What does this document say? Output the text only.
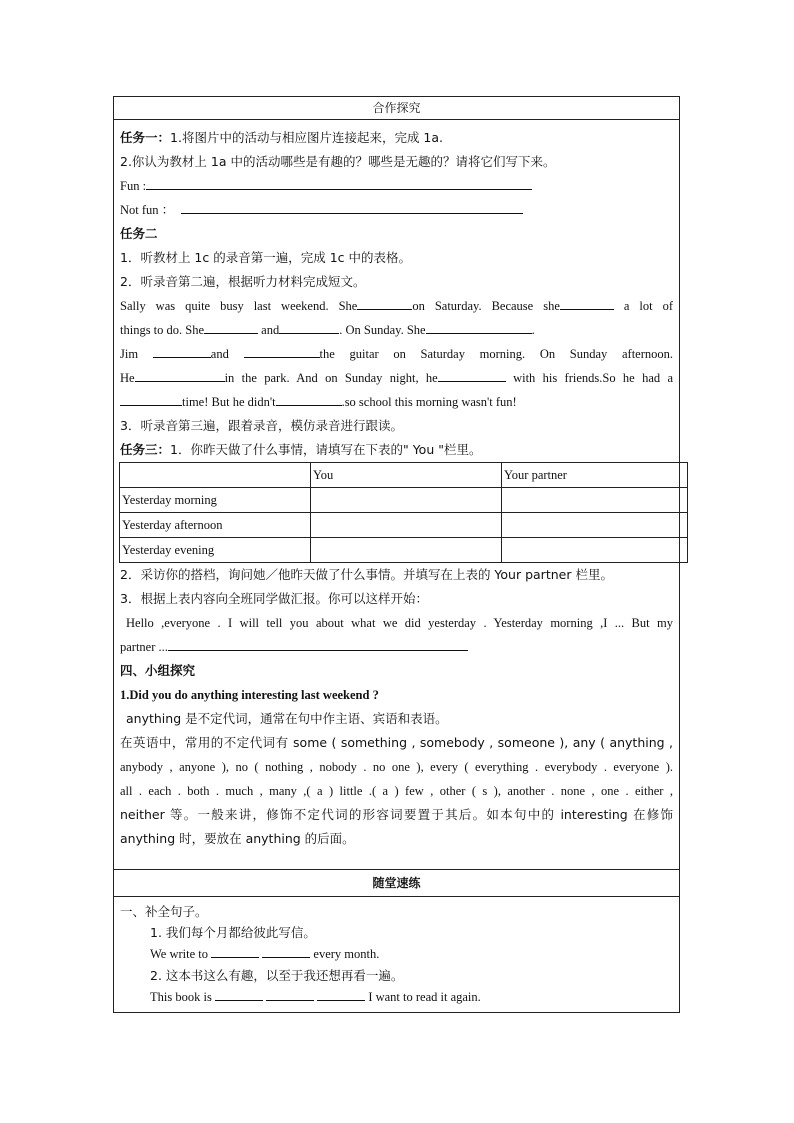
合作探究
任务一：1.将图片中的活动与相应图片连接起来，完成 1a.
2.你认为教材上 1a 中的活动哪些是有趣的？哪些是无趣的？请将它们写下来。
Fun :
Not fun ：
任务二
1．听教材上 1c 的录音第一遍，完成 1c 中的表格。
2．听录音第二遍，根据听力材料完成短文。
Sally was quite busy last weekend. She	on Saturday. Because she	a lot of
things to do. She	and	. On Sunday. She	.
Jim	and	the guitar on Saturday morning. On Sunday afternoon.
He	in the park. And on Sunday night, he	with his friends.So he had a
time! But he didn't	.so school this morning wasn't fun!
3．听录音第三遍，跟着录音，模仿录音进行跟读。
任务三：1．你昨天做了什么事情，请填写在下表的" You "栏里。
	You	Your partner
Yesterday morning		
Yesterday afternoon		
Yesterday evening		
2．采访你的搭档，询问她／他昨天做了什么事情。并填写在上表的 Your partner 栏里。
3．根据上表内容向全班同学做汇报。你可以这样开始：
Hello ,everyone . I will tell you about what we did yesterday . Yesterday morning ,I ... But my
partner ...
四、小组探究
1.Did you do anything interesting last weekend ?
anything 是不定代词，通常在句中作主语、宾语和表语。
在英语中，常用的不定代词有 some ( something , somebody , someone ), any ( anything ,
anybody , anyone ), no ( nothing , nobody . no one ), every ( everything . everybody . everyone ).
all . each . both . much , many ,( a ) little .( a ) few , other ( s ), another . none , one . either ,
neither 等。一般来讲，修饰不定代词的形容词要置于其后。如本句中的 interesting 在修饰
anything 时，要放在 anything 的后面。
随堂速练
一、补全句子。
1. 我们每个月都给彼此写信。
We write to	every month.
2. 这本书这么有趣，以至于我还想再看一遍。
This book is	I want to read it again.
